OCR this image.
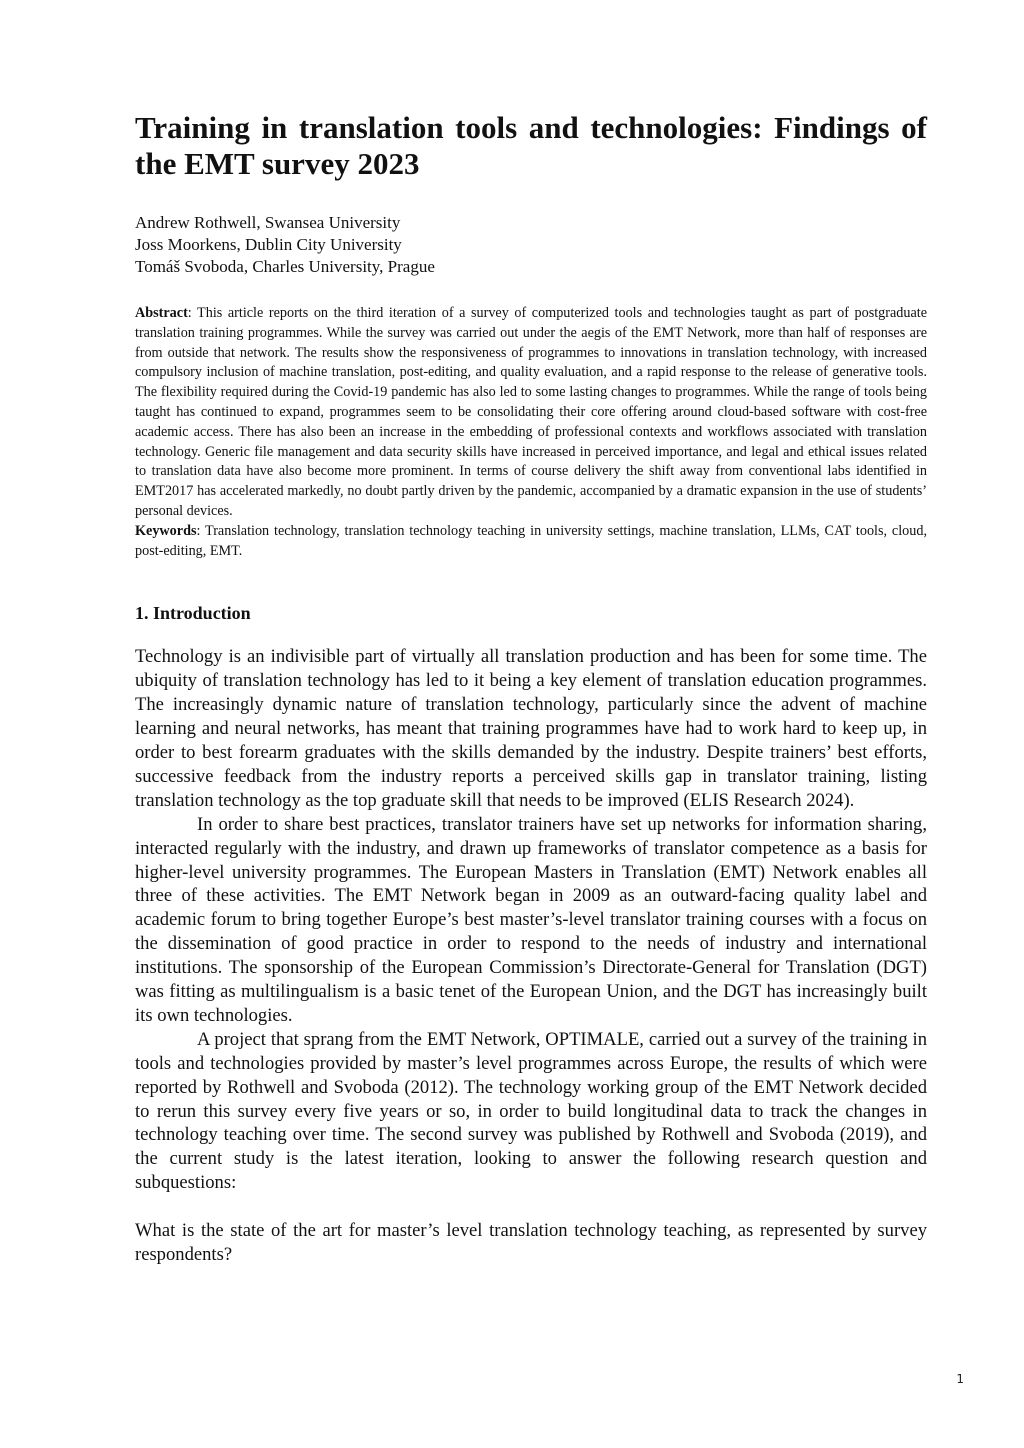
Training in translation tools and technologies: Findings of the EMT survey 2023
Andrew Rothwell, Swansea University
Joss Moorkens, Dublin City University
Tomáš Svoboda, Charles University, Prague
Abstract: This article reports on the third iteration of a survey of computerized tools and technologies taught as part of postgraduate translation training programmes. While the survey was carried out under the aegis of the EMT Network, more than half of responses are from outside that network. The results show the responsiveness of programmes to innovations in translation technology, with increased compulsory inclusion of machine translation, post-editing, and quality evaluation, and a rapid response to the release of generative tools. The flexibility required during the Covid-19 pandemic has also led to some lasting changes to programmes. While the range of tools being taught has continued to expand, programmes seem to be consolidating their core offering around cloud-based software with cost-free academic access. There has also been an increase in the embedding of professional contexts and workflows associated with translation technology. Generic file management and data security skills have increased in perceived importance, and legal and ethical issues related to translation data have also become more prominent. In terms of course delivery the shift away from conventional labs identified in EMT2017 has accelerated markedly, no doubt partly driven by the pandemic, accompanied by a dramatic expansion in the use of students’ personal devices.
Keywords: Translation technology, translation technology teaching in university settings, machine translation, LLMs, CAT tools, cloud, post-editing, EMT.
1. Introduction

Technology is an indivisible part of virtually all translation production and has been for some time. The ubiquity of translation technology has led to it being a key element of translation education programmes. The increasingly dynamic nature of translation technology, particularly since the advent of machine learning and neural networks, has meant that training programmes have had to work hard to keep up, in order to best forearm graduates with the skills demanded by the industry. Despite trainers’ best efforts, successive feedback from the industry reports a perceived skills gap in translator training, listing translation technology as the top graduate skill that needs to be improved (ELIS Research 2024).

In order to share best practices, translator trainers have set up networks for information sharing, interacted regularly with the industry, and drawn up frameworks of translator competence as a basis for higher-level university programmes. The European Masters in Translation (EMT) Network enables all three of these activities. The EMT Network began in 2009 as an outward-facing quality label and academic forum to bring together Europe’s best master’s-level translator training courses with a focus on the dissemination of good practice in order to respond to the needs of industry and international institutions. The sponsorship of the European Commission’s Directorate-General for Translation (DGT) was fitting as multilingualism is a basic tenet of the European Union, and the DGT has increasingly built its own technologies.

A project that sprang from the EMT Network, OPTIMALE, carried out a survey of the training in tools and technologies provided by master’s level programmes across Europe, the results of which were reported by Rothwell and Svoboda (2012). The technology working group of the EMT Network decided to rerun this survey every five years or so, in order to build longitudinal data to track the changes in technology teaching over time. The second survey was published by Rothwell and Svoboda (2019), and the current study is the latest iteration, looking to answer the following research question and subquestions:

What is the state of the art for master’s level translation technology teaching, as represented by survey respondents?

1
